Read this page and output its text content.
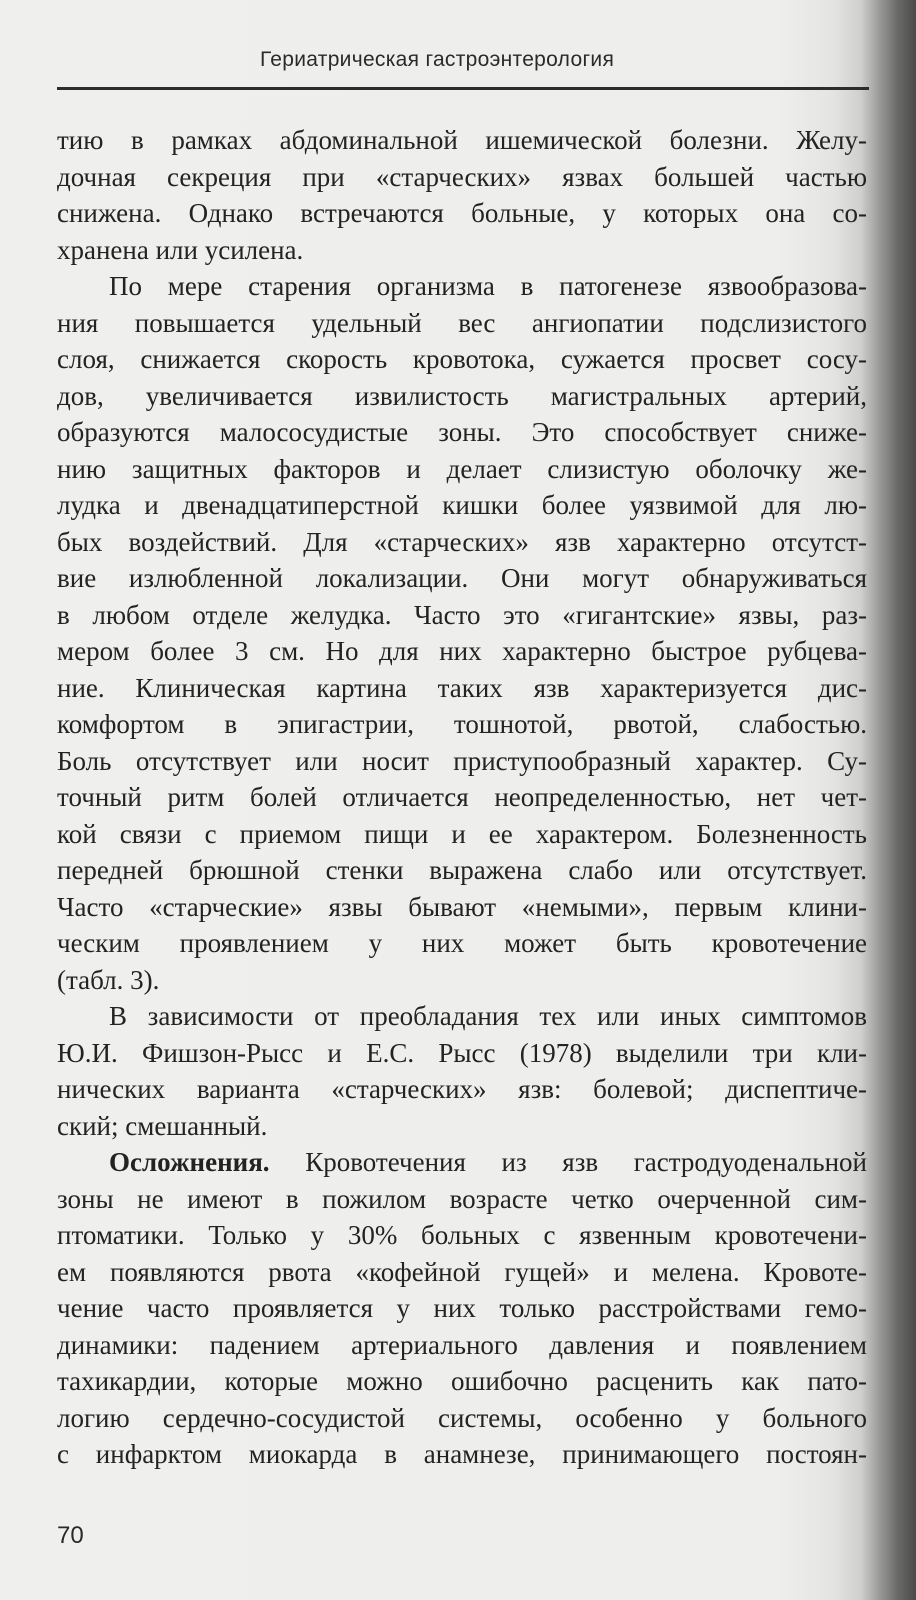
Гериатрическая гастроэнтерология
тию в рамках абдоминальной ишемической болезни. Желу-
дочная секреция при «старческих» язвах большей частью
снижена. Однако встречаются больные, у которых она со-
хранена или усилена.
По мере старения организма в патогенезе язвообразова-
ния повышается удельный вес ангиопатии подслизистого
слоя, снижается скорость кровотока, сужается просвет сосу-
дов, увеличивается извилистость магистральных артерий,
образуются малососудистые зоны. Это способствует сниже-
нию защитных факторов и делает слизистую оболочку же-
лудка и двенадцатиперстной кишки более уязвимой для лю-
бых воздействий. Для «старческих» язв характерно отсутст-
вие излюбленной локализации. Они могут обнаруживаться
в любом отделе желудка. Часто это «гигантские» язвы, раз-
мером более 3 см. Но для них характерно быстрое рубцева-
ние. Клиническая картина таких язв характеризуется дис-
комфортом в эпигастрии, тошнотой, рвотой, слабостью.
Боль отсутствует или носит приступообразный характер. Су-
точный ритм болей отличается неопределенностью, нет чет-
кой связи с приемом пищи и ее характером. Болезненность
передней брюшной стенки выражена слабо или отсутствует.
Часто «старческие» язвы бывают «немыми», первым клини-
ческим проявлением у них может быть кровотечение
(табл. 3).
В зависимости от преобладания тех или иных симптомов
Ю.И. Фишзон-Рысс и Е.С. Рысс (1978) выделили три кли-
нических варианта «старческих» язв: болевой; диспептиче-
ский; смешанный.
Осложнения. Кровотечения из язв гастродуоденальной
зоны не имеют в пожилом возрасте четко очерченной сим-
птоматики. Только у 30% больных с язвенным кровотечени-
ем появляются рвота «кофейной гущей» и мелена. Кровоте-
чение часто проявляется у них только расстройствами гемо-
динамики: падением артериального давления и появлением
тахикардии, которые можно ошибочно расценить как пато-
логию сердечно-сосудистой системы, особенно у больного
с инфарктом миокарда в анамнезе, принимающего постоян-
70
